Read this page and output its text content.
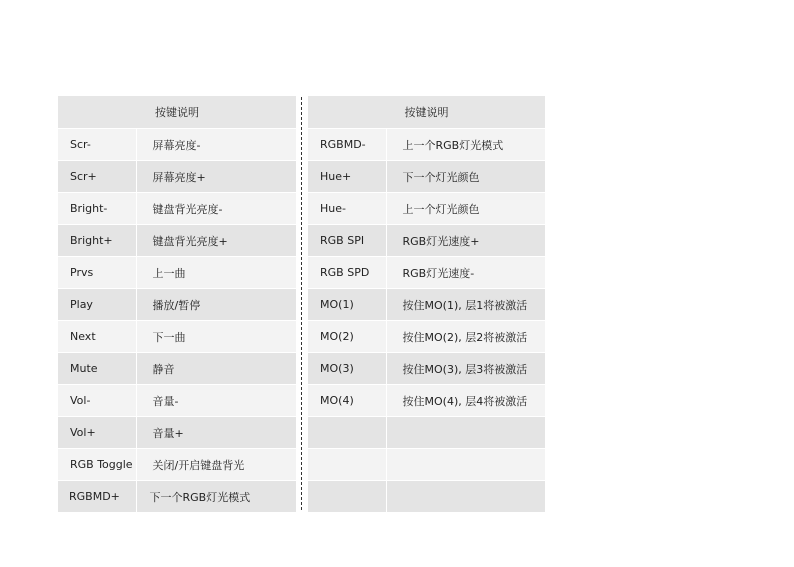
按键说明	
Scr-	屏幕亮度-
Scr+	屏幕亮度+
Bright-	键盘背光亮度-
Bright+	键盘背光亮度+
Prvs	上一曲
Play	播放/暂停
Next	下一曲
Mute	静音
Vol-	音量-
Vol+	音量+
RGB Toggle	关闭/开启键盘背光
RGBMD+	下一个RGB灯光模式
按键说明	
RGBMD-	上一个RGB灯光模式
Hue+	下一个灯光颜色
Hue-	上一个灯光颜色
RGB SPI	RGB灯光速度+
RGB SPD	RGB灯光速度-
MO(1)	按住MO(1), 层1将被激活
MO(2)	按住MO(2), 层2将被激活
MO(3)	按住MO(3), 层3将被激活
MO(4)	按住MO(4), 层4将被激活
